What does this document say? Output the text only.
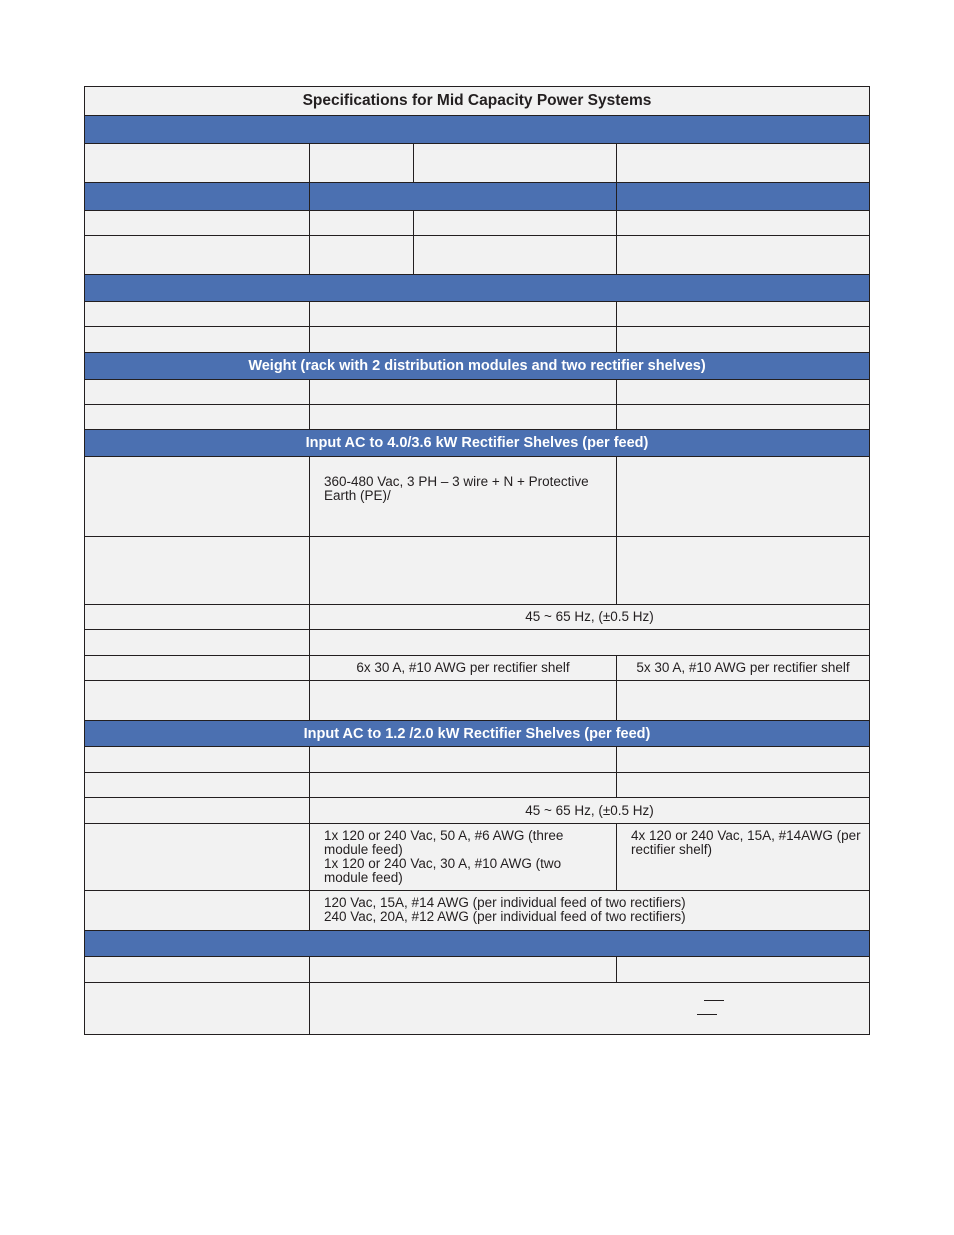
Specifications for Mid Capacity Power Systems
Weight (rack with 2 distribution modules and two rectifier shelves)
Input AC to 4.0/3.6 kW Rectifier Shelves (per feed)
360-480 Vac, 3 PH – 3 wire + N + Protective
Earth (PE)/
45 ~ 65 Hz, (±0.5 Hz)
6x 30 A, #10 AWG per rectifier shelf	5x 30 A, #10 AWG per rectifier shelf
Input AC to 1.2 /2.0 kW Rectifier Shelves (per feed)
45 ~ 65 Hz, (±0.5 Hz)
1x 120 or 240 Vac, 50 A, #6 AWG (three
module feed)
1x 120 or 240 Vac, 30 A, #10 AWG (two
module feed)
4x 120 or 240 Vac, 15A, #14AWG (per
rectifier shelf)
120 Vac, 15A, #14 AWG (per individual feed of two rectifiers)
240 Vac, 20A, #12 AWG (per individual feed of two rectifiers)
